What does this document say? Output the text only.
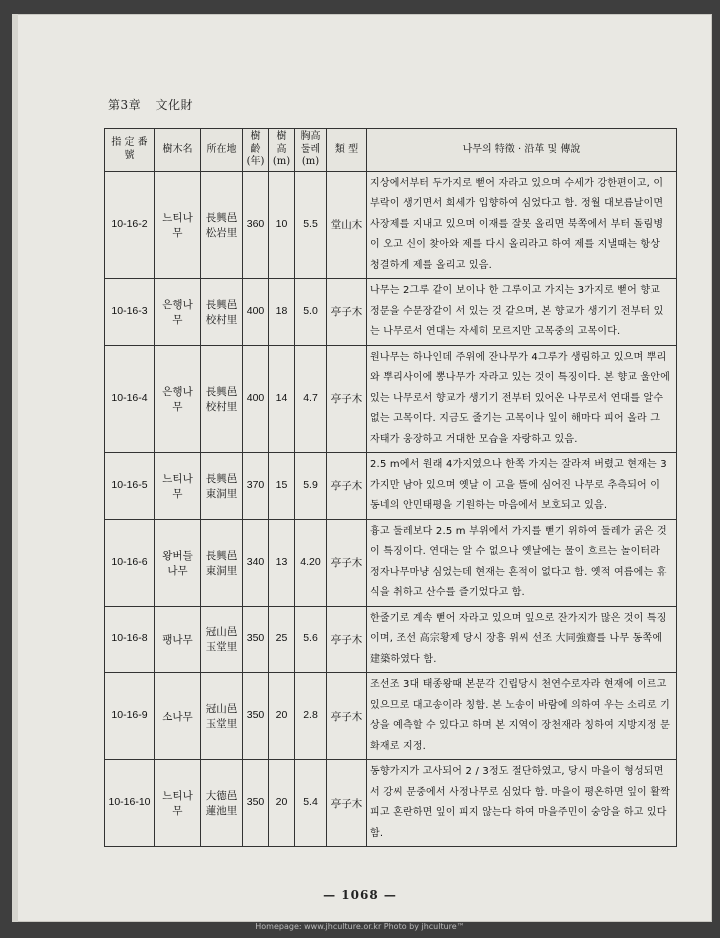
第3章 文化財
指 定 番 號	樹木名	所在地	樹齡 (年)	樹高 (m)	胸高둘레(m)	類 型	나무의 特徵 · 沿革 및 傳說
10-16-2	느티나무	長興邑 松岩里	360	10	5.5	堂山木	지상에서부터 두가지로 뻗어 자라고 있으며 수세가 강한편이고, 이 부락이 생기면서 희세가 입향하여 심었다고 함. 정월 대보름날이면 사장제를 지내고 있으며 이재를 잘못 올리면 북쪽에서 부터 돌림병이 오고 신이 찾아와 제를 다시 올리라고 하여 제를 지낼때는 항상 청결하게 제를 올리고 있음.
10-16-3	은행나무	長興邑 校村里	400	18	5.0	亭子木	나무는 2그루 같이 보이나 한 그루이고 가지는 3가지로 뻗어 향교 정문을 수문장같이 서 있는 것 같으며, 본 향교가 생기기 전부터 있는 나무로서 연대는 자세히 모르지만 고목중의 고목이다.
10-16-4	은행나무	長興邑 校村里	400	14	4.7	亭子木	원나무는 하나인데 주위에 잔나무가 4그루가 생림하고 있으며 뿌리와 뿌리사이에 뽕나무가 자라고 있는 것이 특징이다. 본 향교 울안에 있는 나무로서 향교가 생기기 전부터 있어온 나무로서 연대를 알수 없는 고목이다. 지금도 줄기는 고목이나 잎이 해마다 피어 올라 그 자태가 웅장하고 거대한 모습을 자랑하고 있음.
10-16-5	느티나무	長興邑 東洞里	370	15	5.9	亭子木	2.5 m에서 원래 4가지였으나 한쪽 가지는 잘라져 버렸고 현재는 3가지만 남아 있으며 옛날 이 고을 뜰에 심어진 나무로 추측되어 이 동네의 안민태평을 기원하는 마음에서 보호되고 있음.
10-16-6	왕버들 나무	長興邑 東洞里	340	13	4.20	亭子木	흉고 둘레보다 2.5 m 부위에서 가지를 뻗기 위하여 둘레가 굵은 것이 특징이다. 연대는 알 수 없으나 옛날에는 물이 흐르는 놀이터라 정자나무마냥 심었는데 현재는 흔적이 없다고 함. 옛적 여름에는 휴식을 취하고 산수를 즐기었다고 함.
10-16-8	팽나무	冠山邑 玉堂里	350	25	5.6	亭子木	한줄기로 계속 뻗어 자라고 있으며 잎으로 잔가지가 많은 것이 특징이며, 조선 高宗황제 당시 장흥 위씨 선조 大同強齋를 나무 동쪽에 建築하였다 함.
10-16-9	소나무	冠山邑 玉堂里	350	20	2.8	亭子木	조선조 3대 태종왕때 본문각 긴립당시 천연수로자라 현재에 이르고 있으므로 대고송이라 칭함. 본 노송이 바람에 의하여 우는 소리로 기상을 예측할 수 있다고 하며 본 지역이 장천재라 칭하여 지방지정 문화재로 지정.
10-16-10	느티나무	大德邑 蓮池里	350	20	5.4	亭子木	동향가지가 고사되어 2 / 3정도 절단하였고, 당시 마을이 형성되면서 강씨 문중에서 사정나무로 심었다 함. 마을이 평온하면 잎이 활짝피고 혼란하면 잎이 피지 않는다 하여 마을주민이 숭앙을 하고 있다 함.
— 1068 —
Homepage: www.jhculture.or.kr Photo by jhculture™
